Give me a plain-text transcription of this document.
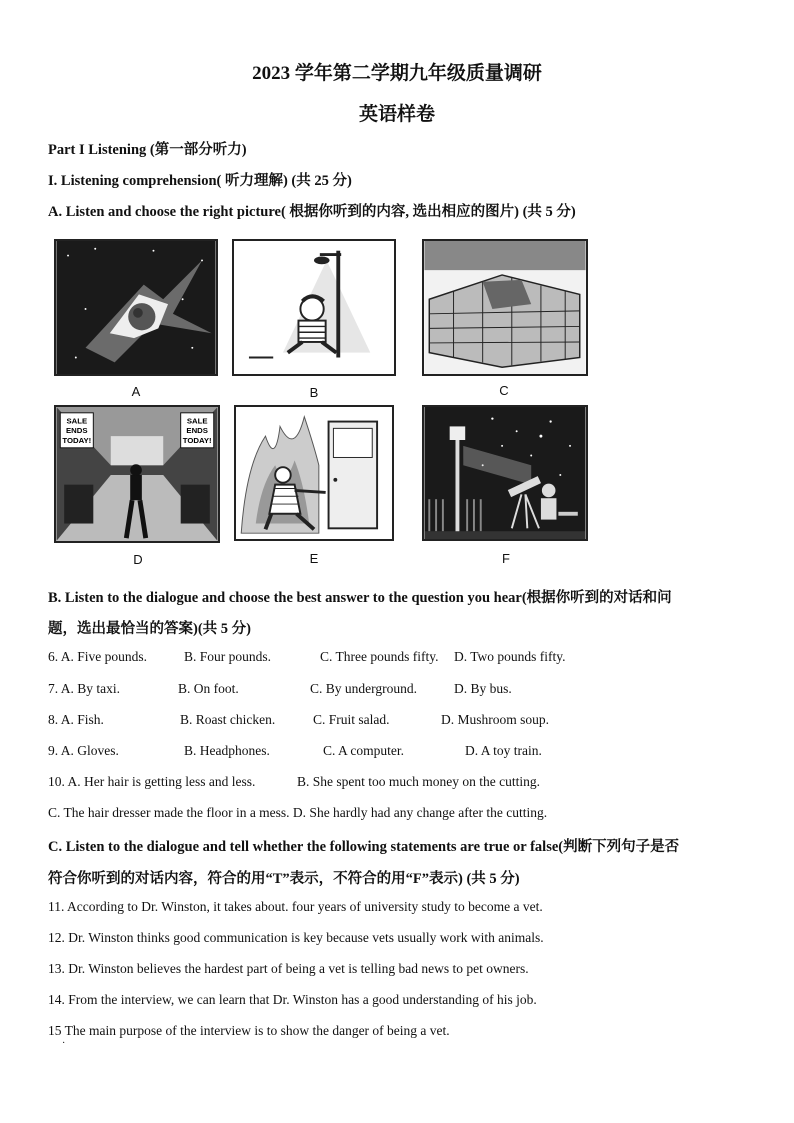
2023 学年第二学期九年级质量调研
英语样卷
Part I Listening (第一部分听力)
I. Listening comprehension( 听力理解) (共 25 分)
A. Listen and choose the right picture( 根据你听到的内容, 选出相应的图片) (共 5 分)
A	B	C
SALE
ENDS
TODAY!
SALE
ENDS
TODAY!
D	E	F
B. Listen to the dialogue and choose the best answer to the question you hear(根据你听到的对话和问
题，选出最恰当的答案)(共 5 分)
6. A. Five pounds.	B. Four pounds.	C. Three pounds fifty. D. Two pounds fifty.
7. A. By taxi.	B. On foot.	C. By underground.	D. By bus.
8. A. Fish.	B. Roast chicken.	C. Fruit salad.	D. Mushroom soup.
9. A. Gloves.	B. Headphones.	C. A computer.	D. A toy train.
10. A. Her hair is getting less and less.	B. She spent too much money on the cutting.
C. The hair dresser made the floor in a mess. D. She hardly had any change after the cutting.
C. Listen to the dialogue and tell whether the following statements are true or false(判断下列句子是否
符合你听到的对话内容，符合的用“T”表示，不符合的用“F”表示) (共 5 分)
11. According to Dr. Winston, it takes about. four years of university study to become a vet.
12. Dr. Winston thinks good communication is key because vets usually work with animals.
13. Dr. Winston believes the hardest part of being a vet is telling bad news to pet owners.
14. From the interview, we can learn that Dr. Winston has a good understanding of his job.
15 The main purpose of the interview is to show the danger of being a vet.
·
